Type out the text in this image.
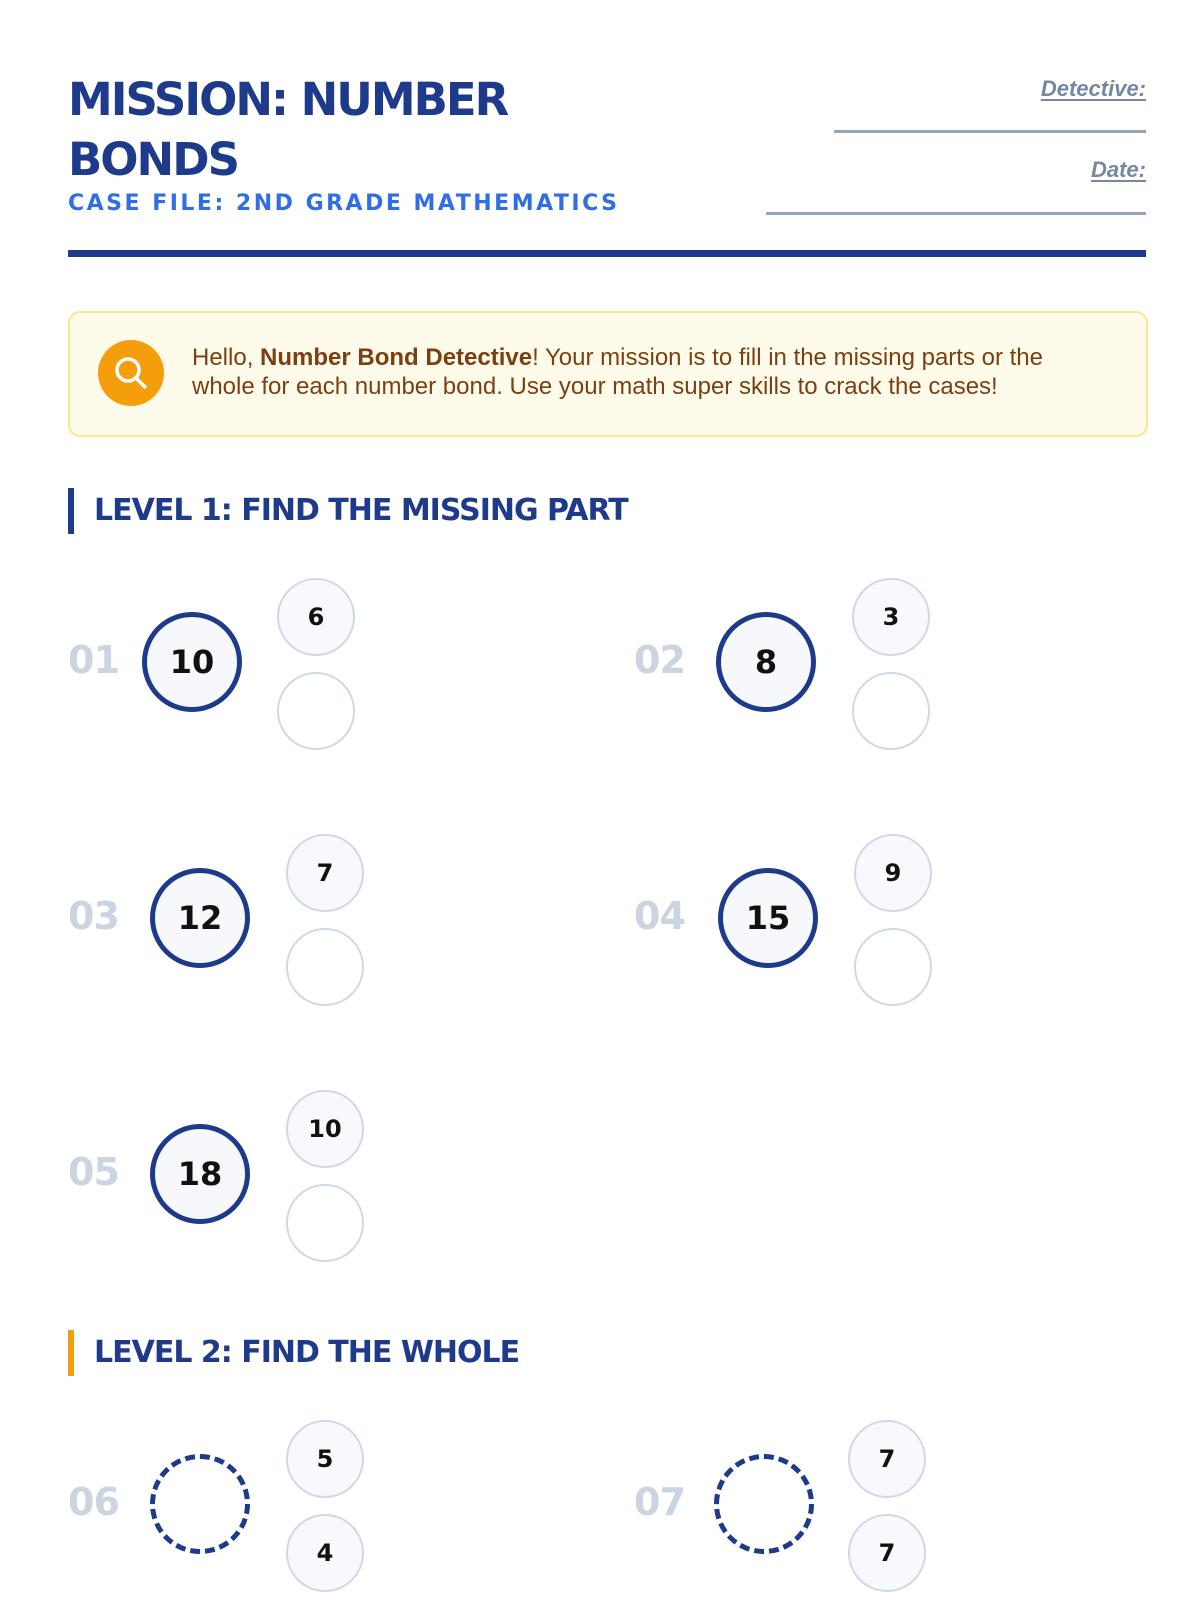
MISSION: NUMBER BONDS
CASE FILE: 2ND GRADE MATHEMATICS
Detective:
Date:
Hello, Number Bond Detective! Your mission is to fill in the missing parts or the whole for each number bond. Use your math super skills to crack the cases!
LEVEL 1: FIND THE MISSING PART
01	10
6
02	8
3
03	12
7
04	15
9
05	18
10
LEVEL 2: FIND THE WHOLE
06
5
4
07
7
7
